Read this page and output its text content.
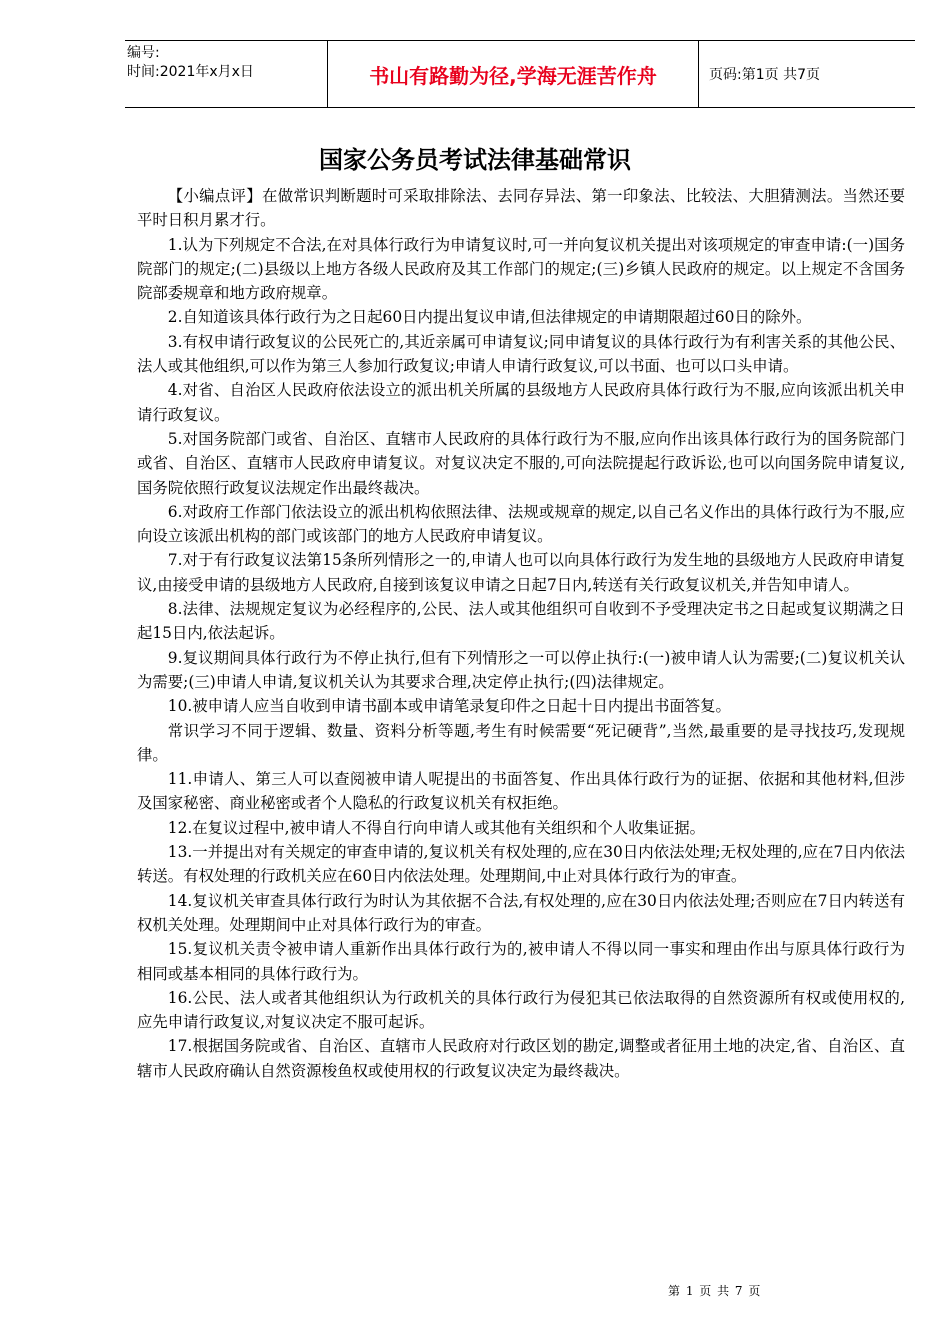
编号:
时间:2021年x月x日	书山有路勤为径,学海无涯苦作舟	页码:第1页 共7页
国家公务员考试法律基础常识

【小编点评】在做常识判断题时可采取排除法、去同存异法、第一印象法、比较法、大胆猜测法。当然还要平时日积月累才行。

1.认为下列规定不合法,在对具体行政行为申请复议时,可一并向复议机关提出对该项规定的审查申请:(一)国务院部门的规定;(二)县级以上地方各级人民政府及其工作部门的规定;(三)乡镇人民政府的规定。以上规定不含国务院部委规章和地方政府规章。

2.自知道该具体行政行为之日起60日内提出复议申请,但法律规定的申请期限超过60日的除外。

3.有权申请行政复议的公民死亡的,其近亲属可申请复议;同申请复议的具体行政行为有利害关系的其他公民、法人或其他组织,可以作为第三人参加行政复议;申请人申请行政复议,可以书面、也可以口头申请。

4.对省、自治区人民政府依法设立的派出机关所属的县级地方人民政府具体行政行为不服,应向该派出机关申请行政复议。

5.对国务院部门或省、自治区、直辖市人民政府的具体行政行为不服,应向作出该具体行政行为的国务院部门或省、自治区、直辖市人民政府申请复议。对复议决定不服的,可向法院提起行政诉讼,也可以向国务院申请复议,国务院依照行政复议法规定作出最终裁决。

6.对政府工作部门依法设立的派出机构依照法律、法规或规章的规定,以自己名义作出的具体行政行为不服,应向设立该派出机构的部门或该部门的地方人民政府申请复议。

7.对于有行政复议法第15条所列情形之一的,申请人也可以向具体行政行为发生地的县级地方人民政府申请复议,由接受申请的县级地方人民政府,自接到该复议申请之日起7日内,转送有关行政复议机关,并告知申请人。

8.法律、法规规定复议为必经程序的,公民、法人或其他组织可自收到不予受理决定书之日起或复议期满之日起15日内,依法起诉。

9.复议期间具体行政行为不停止执行,但有下列情形之一可以停止执行:(一)被申请人认为需要;(二)复议机关认为需要;(三)申请人申请,复议机关认为其要求合理,决定停止执行;(四)法律规定。

10.被申请人应当自收到申请书副本或申请笔录复印件之日起十日内提出书面答复。

常识学习不同于逻辑、数量、资料分析等题,考生有时候需要“死记硬背”,当然,最重要的是寻找技巧,发现规律。

11.申请人、第三人可以查阅被申请人呢提出的书面答复、作出具体行政行为的证据、依据和其他材料,但涉及国家秘密、商业秘密或者个人隐私的行政复议机关有权拒绝。

12.在复议过程中,被申请人不得自行向申请人或其他有关组织和个人收集证据。

13.一并提出对有关规定的审查申请的,复议机关有权处理的,应在30日内依法处理;无权处理的,应在7日内依法转送。有权处理的行政机关应在60日内依法处理。处理期间,中止对具体行政行为的审查。

14.复议机关审查具体行政行为时认为其依据不合法,有权处理的,应在30日内依法处理;否则应在7日内转送有权机关处理。处理期间中止对具体行政行为的审查。

15.复议机关责令被申请人重新作出具体行政行为的,被申请人不得以同一事实和理由作出与原具体行政行为相同或基本相同的具体行政行为。

16.公民、法人或者其他组织认为行政机关的具体行政行为侵犯其已依法取得的自然资源所有权或使用权的,应先申请行政复议,对复议决定不服可起诉。

17.根据国务院或省、自治区、直辖市人民政府对行政区划的勘定,调整或者征用土地的决定,省、自治区、直辖市人民政府确认自然资源梭鱼权或使用权的行政复议决定为最终裁决。

第 1 页 共 7 页
